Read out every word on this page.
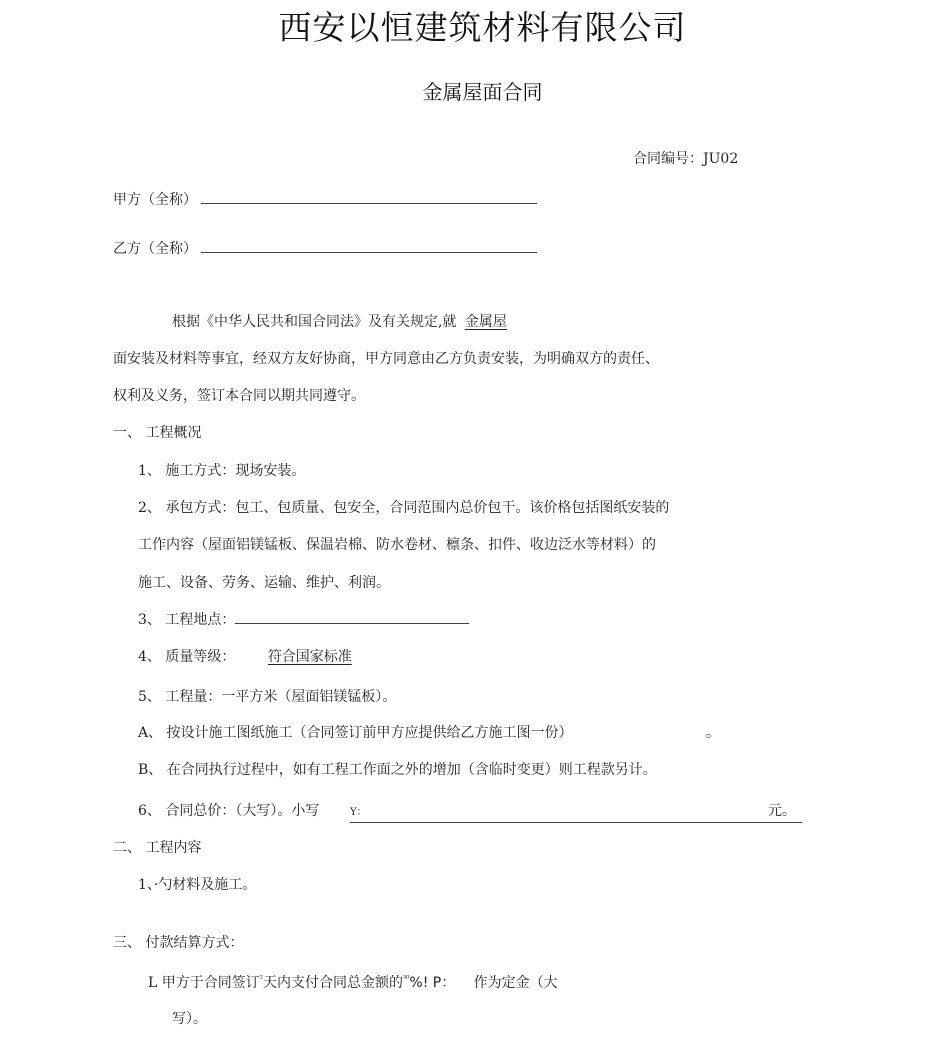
西安以恒建筑材料有限公司
金属屋面合同
合同编号：JU02
甲方（全称）
乙方（全称）
根据《中华人民共和国合同法》及有关规定,就 金属屋
面安装及材料等事宜，经双方友好协商，甲方同意由乙方负责安装，为明确双方的责任、
权利及义务，签订本合同以期共同遵守。
一、 工程概况
1、 施工方式：现场安装。
2、 承包方式：包工、包质量、包安全，合同范围内总价包干。该价格包括图纸安装的
工作内容（屋面铝镁锰板、保温岩棉、防水卷材、檩条、扣件、收边泛水等材料）的
施工、设备、劳务、运输、维护、利润。
3、 工程地点：
4、 质量等级： 符合国家标准
5、 工程量：一平方米（屋面铝镁锰板）。
A、 按设计施工图纸施工（合同签订前甲方应提供给乙方施工图一份）	。
B、 在合同执行过程中，如有工程工作面之外的增加（含临时变更）则工程款另计。
6、 合同总价：（大写）。小写	Y：	元。
二、 工程内容
1、·勺材料及施工。
三、 付款结算方式：
L 甲方于合同签订$^{^2}$天内支付合同总金额的$^{^{30}}$%! P： 作为定金（大
写）。
